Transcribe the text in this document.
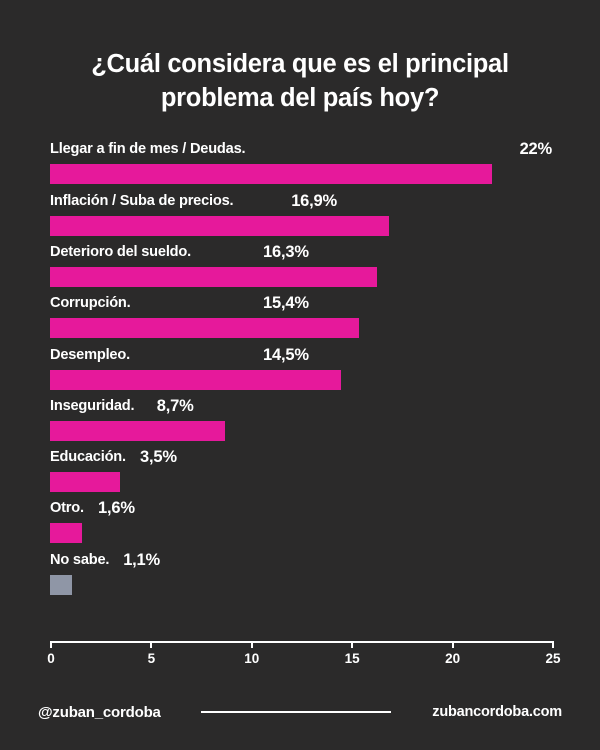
¿Cuál considera que es el principal
problema del país hoy?
Llegar a fin de mes / Deudas.	22%
Inflación / Suba de precios.	16,9%
Deterioro del sueldo.	16,3%
Corrupción.	15,4%
Desempleo.	14,5%
Inseguridad. 8,7%
Educación. 3,5%
Otro. 1,6%
No sabe. 1,1%
0	5	10	15	20	25
@zuban_cordoba	zubancordoba.com
